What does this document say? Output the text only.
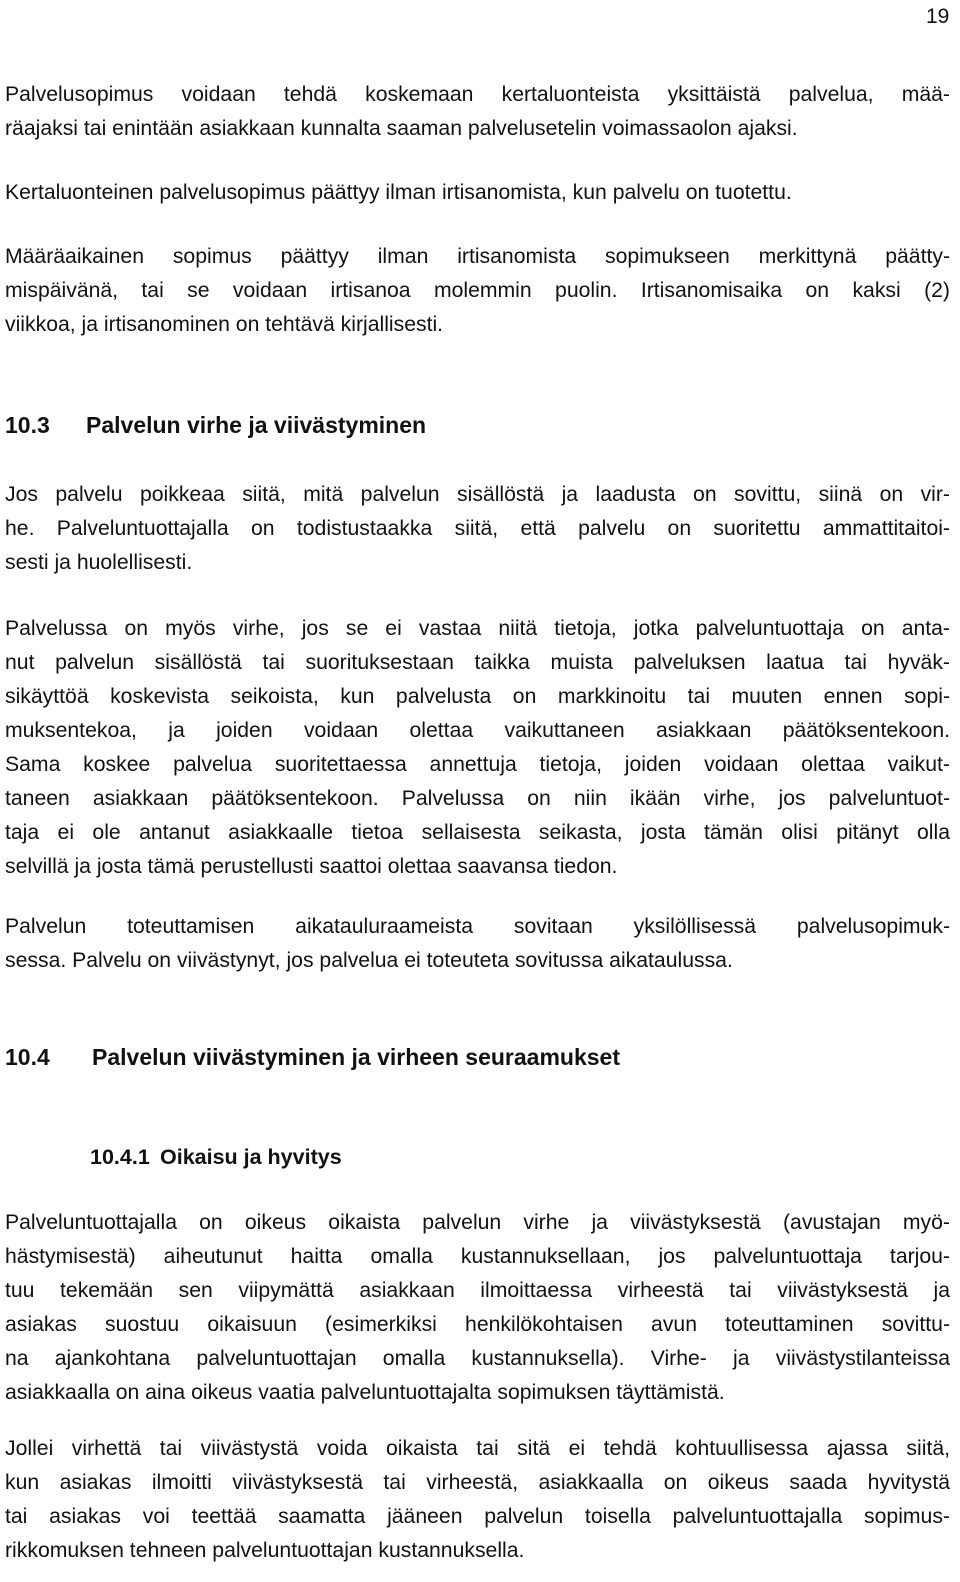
19
Palvelusopimus voidaan tehdä koskemaan kertaluonteista yksittäistä palvelua, mää-
räajaksi tai enintään asiakkaan kunnalta saaman palvelusetelin voimassaolon ajaksi.
Kertaluonteinen palvelusopimus päättyy ilman irtisanomista, kun palvelu on tuotettu.
Määräaikainen sopimus päättyy ilman irtisanomista sopimukseen merkittynä päätty-
mispäivänä, tai se voidaan irtisanoa molemmin puolin. Irtisanomisaika on kaksi (2)
viikkoa, ja irtisanominen on tehtävä kirjallisesti.
10.3 Palvelun virhe ja viivästyminen
Jos palvelu poikkeaa siitä, mitä palvelun sisällöstä ja laadusta on sovittu, siinä on vir-
he. Palveluntuottajalla on todistustaakka siitä, että palvelu on suoritettu ammattitaitoi-
sesti ja huolellisesti.
Palvelussa on myös virhe, jos se ei vastaa niitä tietoja, jotka palveluntuottaja on anta-
nut palvelun sisällöstä tai suorituksestaan taikka muista palveluksen laatua tai hyväk-
sikäyttöä koskevista seikoista, kun palvelusta on markkinoitu tai muuten ennen sopi-
muksentekoa, ja joiden voidaan olettaa vaikuttaneen asiakkaan päätöksentekoon.
Sama koskee palvelua suoritettaessa annettuja tietoja, joiden voidaan olettaa vaikut-
taneen asiakkaan päätöksentekoon. Palvelussa on niin ikään virhe, jos palveluntuot-
taja ei ole antanut asiakkaalle tietoa sellaisesta seikasta, josta tämän olisi pitänyt olla
selvillä ja josta tämä perustellusti saattoi olettaa saavansa tiedon.
Palvelun toteuttamisen aikatauluraameista sovitaan yksilöllisessä palvelusopimuk-
sessa. Palvelu on viivästynyt, jos palvelua ei toteuteta sovitussa aikataulussa.
10.4 Palvelun viivästyminen ja virheen seuraamukset
10.4.1 Oikaisu ja hyvitys
Palveluntuottajalla on oikeus oikaista palvelun virhe ja viivästyksestä (avustajan myö-
hästymisestä) aiheutunut haitta omalla kustannuksellaan, jos palveluntuottaja tarjou-
tuu tekemään sen viipymättä asiakkaan ilmoittaessa virheestä tai viivästyksestä ja
asiakas suostuu oikaisuun (esimerkiksi henkilökohtaisen avun toteuttaminen sovittu-
na ajankohtana palveluntuottajan omalla kustannuksella). Virhe- ja viivästystilanteissa
asiakkaalla on aina oikeus vaatia palveluntuottajalta sopimuksen täyttämistä.
Jollei virhettä tai viivästystä voida oikaista tai sitä ei tehdä kohtuullisessa ajassa siitä,
kun asiakas ilmoitti viivästyksestä tai virheestä, asiakkaalla on oikeus saada hyvitystä
tai asiakas voi teettää saamatta jääneen palvelun toisella palveluntuottajalla sopimus-
rikkomuksen tehneen palveluntuottajan kustannuksella.
